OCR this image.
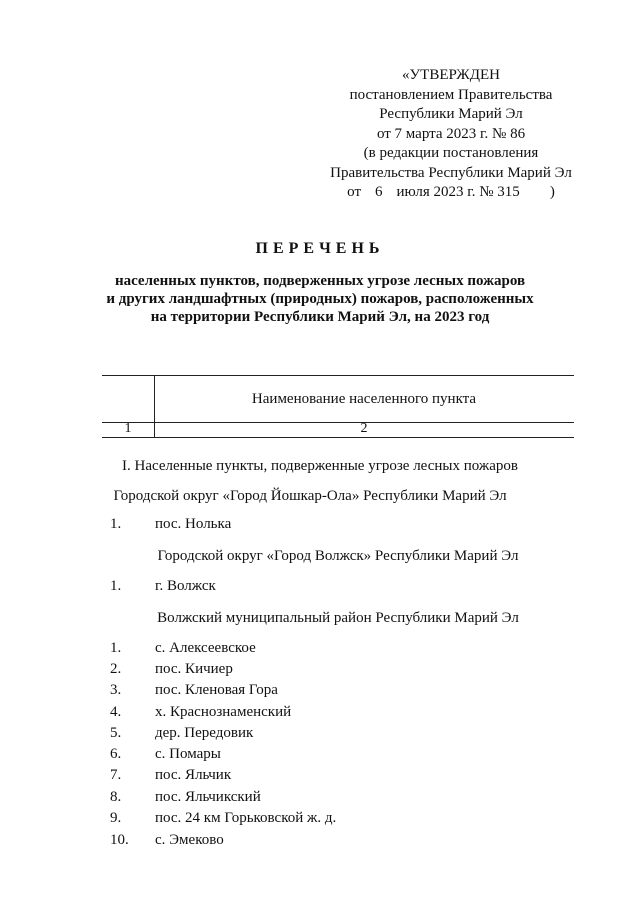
«УТВЕРЖДЕН
постановлением Правительства
Республики Марий Эл
от 7 марта 2023 г. № 86
(в редакции постановления
Правительства Республики Марий Эл
от 6 июля 2023 г. № 315 )
ПЕРЕЧЕНЬ
населенных пунктов, подверженных угрозе лесных пожаров
и других ландшафтных (природных) пожаров, расположенных
на территории Республики Марий Эл, на 2023 год
Наименование населенного пункта
1	2
I. Населенные пункты, подверженные угрозе лесных пожаров
Городской округ «Город Йошкар-Ола» Республики Марий Эл
1.	пос. Нолька
Городской округ «Город Волжск» Республики Марий Эл
1.	г. Волжск
Волжский муниципальный район Республики Марий Эл
1.	с. Алексеевское
2.	пос. Кичиер
3.	пос. Кленовая Гора
4.	х. Краснознаменский
5.	дер. Передовик
6.	с. Помары
7.	пос. Яльчик
8.	пос. Яльчикский
9.	пос. 24 км Горьковской ж. д.
10.	с. Эмеково
